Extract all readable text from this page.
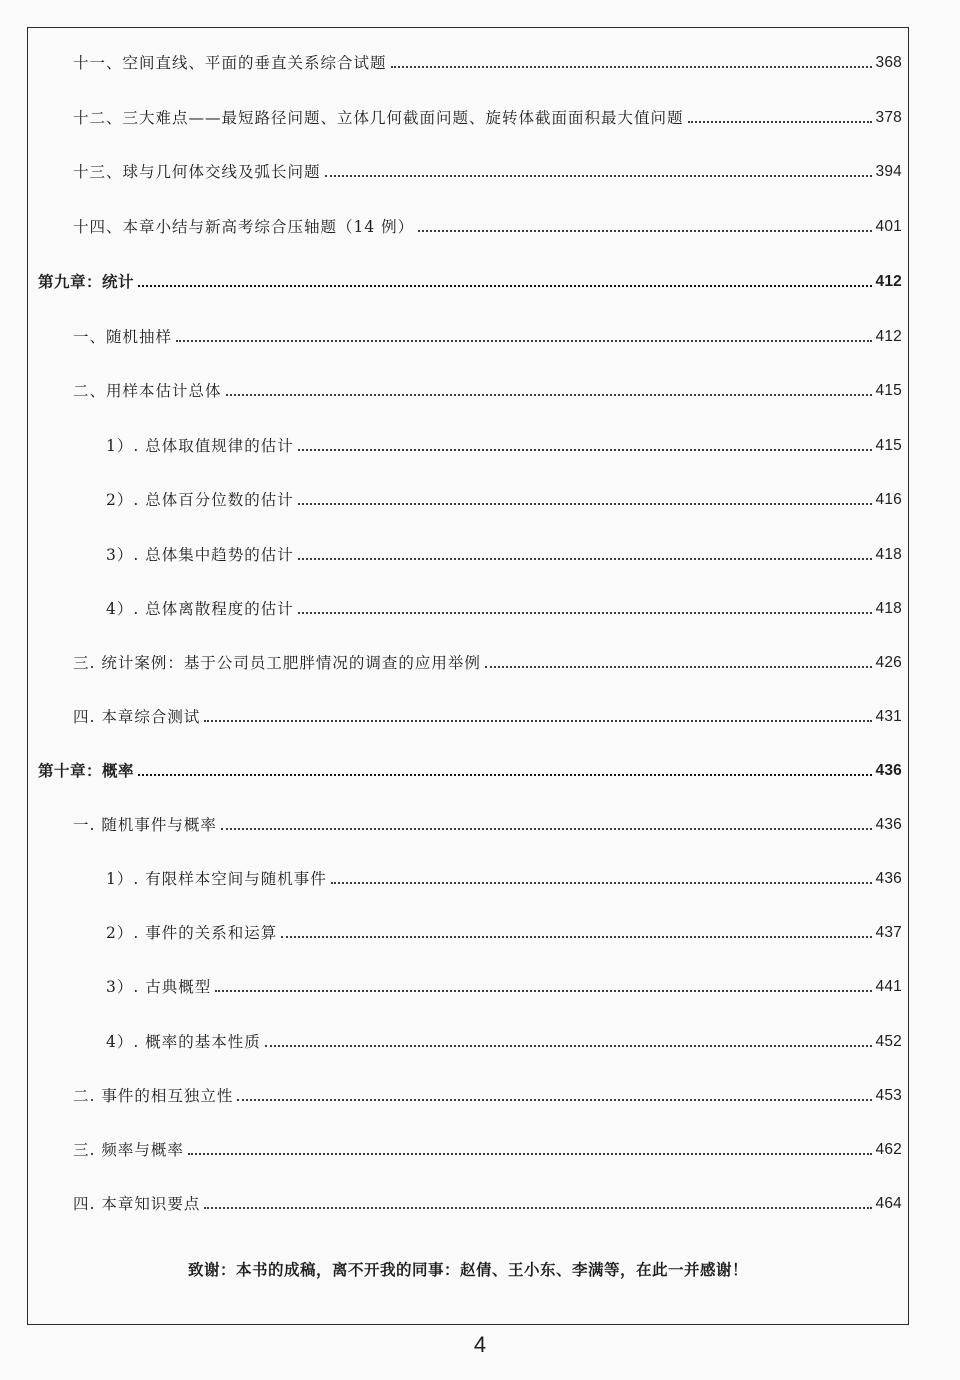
十一、空间直线、平面的垂直关系综合试题	368
十二、三大难点——最短路径问题、立体几何截面问题、旋转体截面面积最大值问题	378
十三、球与几何体交线及弧长问题	394
十四、本章小结与新高考综合压轴题（14 例）	401
第九章：统计	412
一、随机抽样	412
二、用样本估计总体	415
1）. 总体取值规律的估计	415
2）. 总体百分位数的估计	416
3）. 总体集中趋势的估计	418
4）. 总体离散程度的估计	418
三. 统计案例：基于公司员工肥胖情况的调查的应用举例	426
四. 本章综合测试	431
第十章：概率	436
一. 随机事件与概率	436
1）. 有限样本空间与随机事件	436
2）. 事件的关系和运算	437
3）. 古典概型	441
4）. 概率的基本性质	452
二. 事件的相互独立性	453
三. 频率与概率	462
四. 本章知识要点	464
致谢：本书的成稿，离不开我的同事：赵倩、王小东、李满等，在此一并感谢！
4
